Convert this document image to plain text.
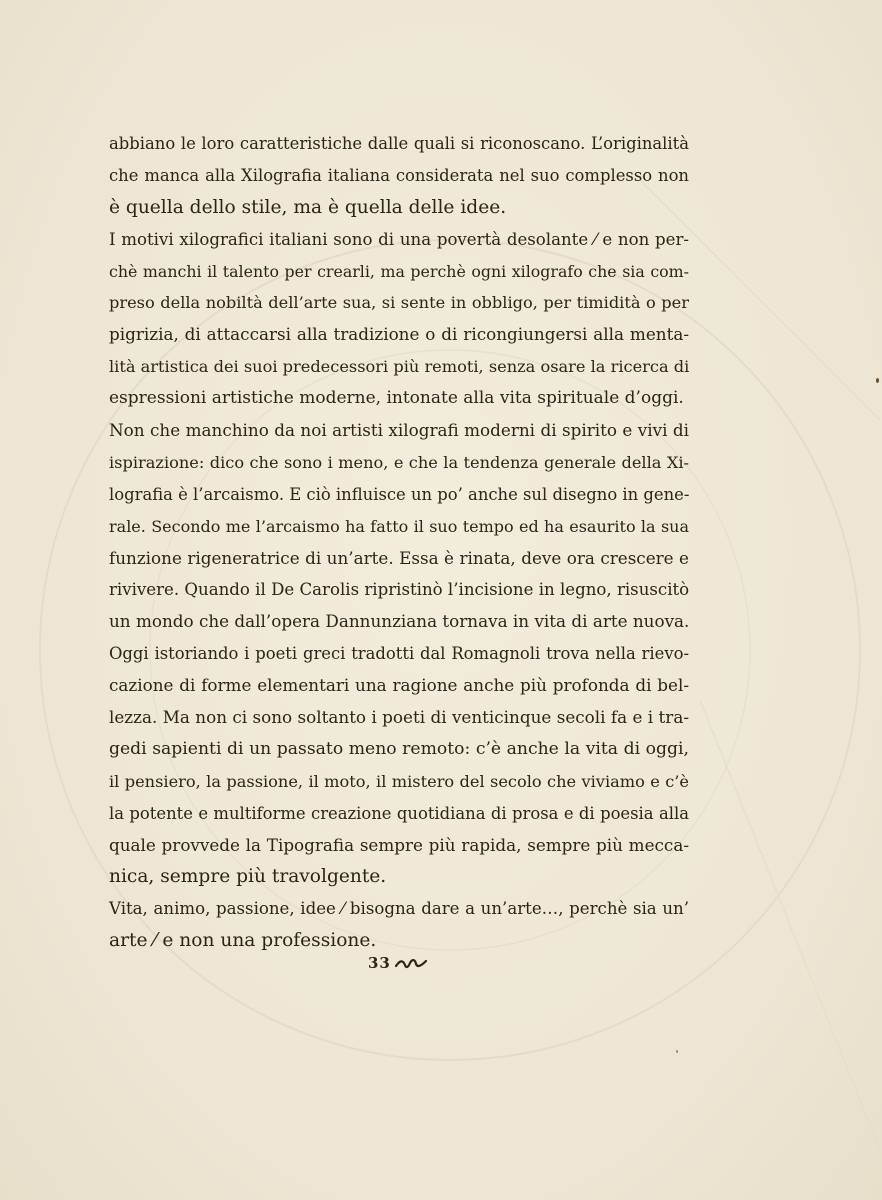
abbiano le loro caratteristiche dalle quali si riconoscano. L’originalità
che manca alla Xilografia italiana considerata nel suo complesso non
è quella dello stile, ma è quella delle idee.
I motivi xilografici italiani sono di una povertà desolante ⁄ e non per-
chè manchi il talento per crearli, ma perchè ogni xilografo che sia com-
preso della nobiltà dell’arte sua, si sente in obbligo, per timidità o per
pigrizia, di attaccarsi alla tradizione o di ricongiungersi alla menta-
lità artistica dei suoi predecessori più remoti, senza osare la ricerca di
espressioni artistiche moderne, intonate alla vita spirituale d’oggi.
Non che manchino da noi artisti xilografi moderni di spirito e vivi di
ispirazione: dico che sono i meno, e che la tendenza generale della Xi-
lografia è l’arcaismo. E ciò influisce un po’ anche sul disegno in gene-
rale. Secondo me l’arcaismo ha fatto il suo tempo ed ha esaurito la sua
funzione rigeneratrice di un’arte. Essa è rinata, deve ora crescere e
rivivere. Quando il De Carolis ripristinò l’incisione in legno, risuscitò
un mondo che dall’opera Dannunziana tornava in vita di arte nuova.
Oggi istoriando i poeti greci tradotti dal Romagnoli trova nella rievo-
cazione di forme elementari una ragione anche più profonda di bel-
lezza. Ma non ci sono soltanto i poeti di venticinque secoli fa e i tra-
gedi sapienti di un passato meno remoto: c’è anche la vita di oggi,
il pensiero, la passione, il moto, il mistero del secolo che viviamo e c’è
la potente e multiforme creazione quotidiana di prosa e di poesia alla
quale provvede la Tipografia sempre più rapida, sempre più mecca-
nica, sempre più travolgente.
Vita, animo, passione, idee ⁄ bisogna dare a un’arte…, perchè sia un’
arte ⁄ e non una professione.
33
